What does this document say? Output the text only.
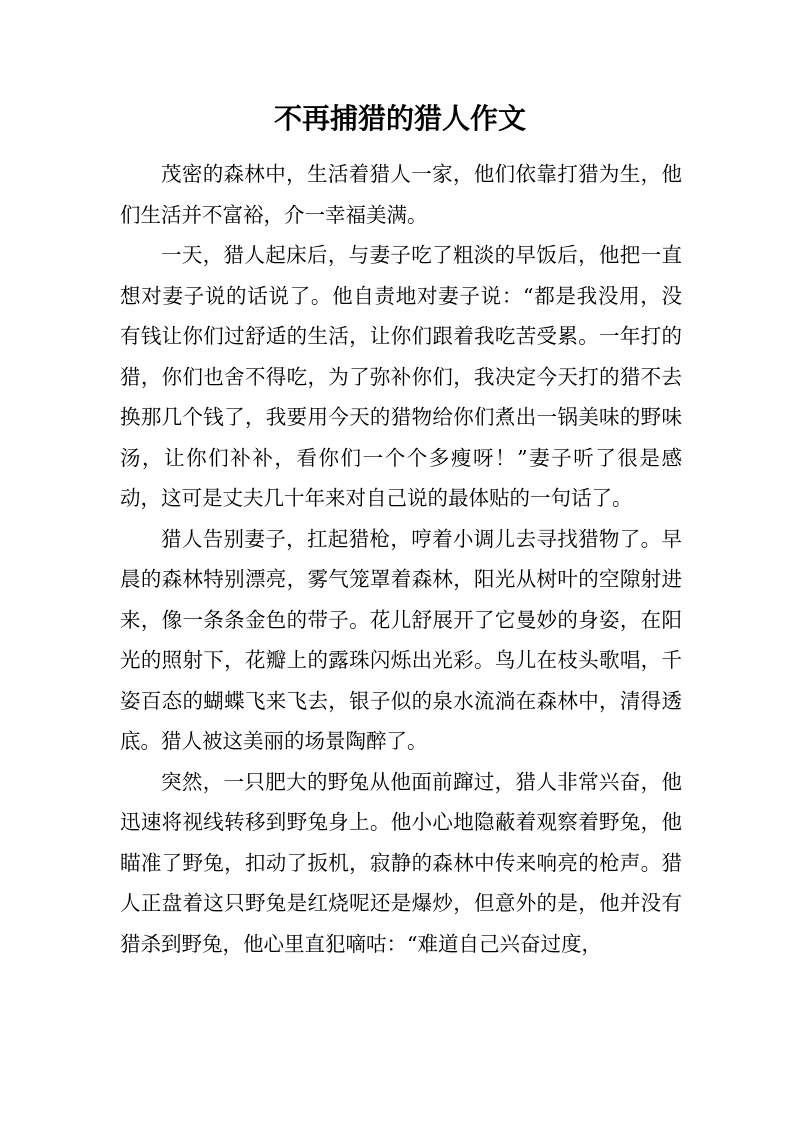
不再捕猎的猎人作文

茂密的森林中，生活着猎人一家，他们依靠打猎为生，他们生活并不富裕，介一幸福美满。

一天，猎人起床后，与妻子吃了粗淡的早饭后，他把一直想对妻子说的话说了。他自责地对妻子说：“都是我没用，没有钱让你们过舒适的生活，让你们跟着我吃苦受累。一年打的猎，你们也舍不得吃，为了弥补你们，我决定今天打的猎不去换那几个钱了，我要用今天的猎物给你们煮出一锅美味的野味汤，让你们补补，看你们一个个多瘦呀！”妻子听了很是感动，这可是丈夫几十年来对自己说的最体贴的一句话了。

猎人告别妻子，扛起猎枪，哼着小调儿去寻找猎物了。早晨的森林特别漂亮，雾气笼罩着森林，阳光从树叶的空隙射进来，像一条条金色的带子。花儿舒展开了它曼妙的身姿，在阳光的照射下，花瓣上的露珠闪烁出光彩。鸟儿在枝头歌唱，千姿百态的蝴蝶飞来飞去，银子似的泉水流淌在森林中，清得透底。猎人被这美丽的场景陶醉了。

突然，一只肥大的野兔从他面前蹿过，猎人非常兴奋，他迅速将视线转移到野兔身上。他小心地隐蔽着观察着野兔，他瞄准了野兔，扣动了扳机，寂静的森林中传来响亮的枪声。猎人正盘着这只野兔是红烧呢还是爆炒，但意外的是，他并没有猎杀到野兔，他心里直犯嘀咕：“难道自己兴奋过度，
